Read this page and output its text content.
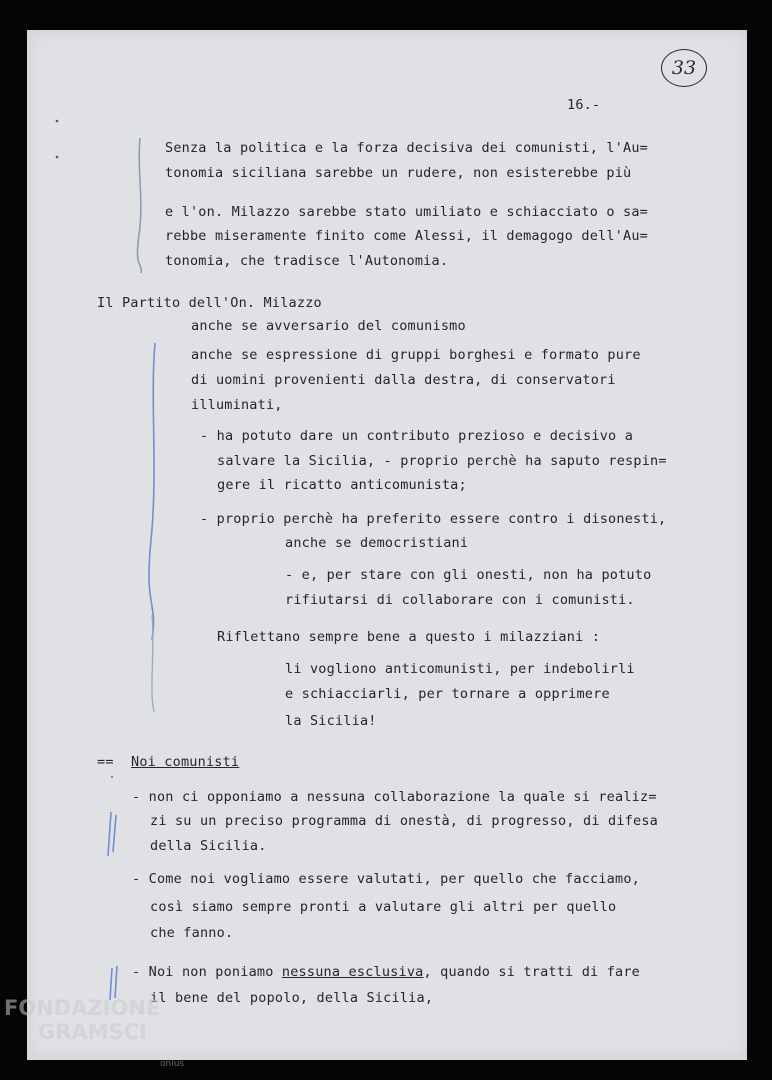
33
16.-
Senza la politica e la forza decisiva dei comunisti, l'Au=
tonomia siciliana sarebbe un rudere, non esisterebbe più
e l'on. Milazzo sarebbe stato umiliato e schiacciato o sa=
rebbe miseramente finito come Alessi, il demagogo dell'Au=
tonomia, che tradisce l'Autonomia.
Il Partito dell'On. Milazzo
anche se avversario del comunismo
anche se espressione di gruppi borghesi e formato pure
di uomini provenienti dalla destra, di conservatori
illuminati,
- ha potuto dare un contributo prezioso e decisivo a
salvare la Sicilia, - proprio perchè ha saputo respin=
gere il ricatto anticomunista;
- proprio perchè ha preferito essere contro i disonesti,
anche se democristiani
- e, per stare con gli onesti, non ha potuto
rifiutarsi di collaborare con i comunisti.
Riflettano sempre bene a questo i milazziani :
li vogliono anticomunisti, per indebolirli
e schiacciarli, per tornare a opprimere
la Sicilia!
== Noi comunisti
- non ci opponiamo a nessuna collaborazione la quale si realiz=
zi su un preciso programma di onestà, di progresso, di difesa
della Sicilia.
- Come noi vogliamo essere valutati, per quello che facciamo,
così siamo sempre pronti a valutare gli altri per quello
che fanno.
- Noi non poniamo nessuna esclusiva, quando si tratti di fare
il bene del popolo, della Sicilia,
FONDAZIONE
GRAMSCI
onlus
